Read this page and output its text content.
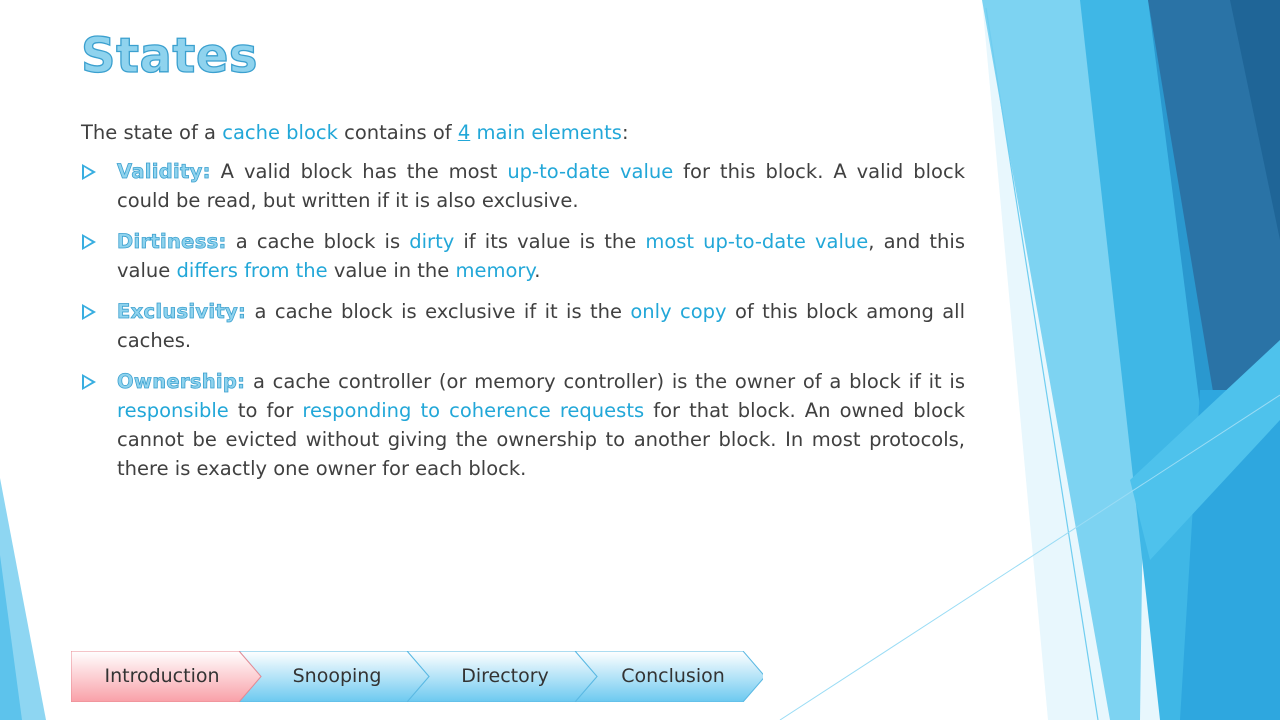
States

The state of a cache block contains of 4 main elements:

Validity: A valid block has the most up-to-date value for this block. A valid block could be read, but written if it is also exclusive.
Dirtiness: a cache block is dirty if its value is the most up-to-date value, and this value differs from the value in the memory.
Exclusivity: a cache block is exclusive if it is the only copy of this block among all caches.
Ownership: a cache controller (or memory controller) is the owner of a block if it is responsible to for responding to coherence requests for that block. An owned block cannot be evicted without giving the ownership to another block. In most protocols, there is exactly one owner for each block.
Introduction	Snooping	Directory	Conclusion
